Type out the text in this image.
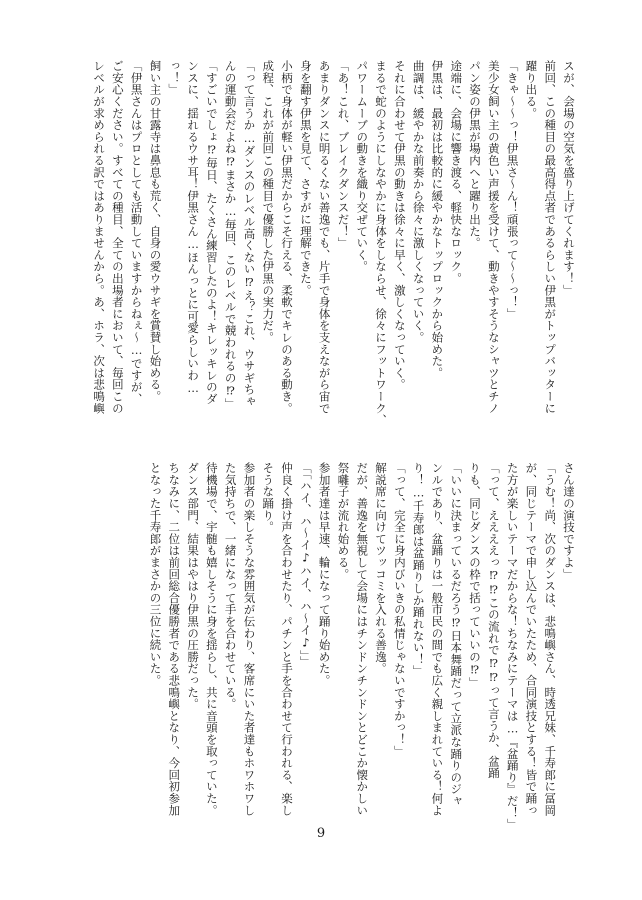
スが、会場の空気を盛り上げてくれます！」

前回、この種目の最高得点者であるらしい伊黒がトップバッターに

躍り出る。

「きゃ〜〜っ！伊黒さ〜ん！頑張って〜〜っ！」

美少女飼い主の黄色い声援を受けて、動きやすそうなシャツとチノ

パン姿の伊黒が場内へと躍り出た。

途端に、会場に響き渡る、軽快なロック。

伊黒は、最初は比較的に緩やかなトップロックから始めた。

曲調は、緩やかな前奏から徐々に激しくなっていく。

それに合わせて伊黒の動きは徐々に早く、激しくなっていく。

まるで蛇のようにしなやかに身体をしならせ、徐々にフットワーク、

パワームーブの動きを織り交ぜていく。

「あ！これ、ブレイクダンスだ！」

あまりダンスに明るくない善逸でも、片手で身体を支えながら宙で

身を翻す伊黒を見て、さすがに理解できた。

小柄で身体が軽い伊黒だからこそ行える、柔軟でキレのある動き。

成程、これが前回この種目で優勝した伊黒の実力だ。

「って言うか…ダンスのレベル高くない⁉︎え？これ、ウサギちゃ

んの運動会だよね⁉︎まさか…毎回、このレベルで競われるの⁉︎」

「すごいでしょ⁉︎毎日、たくさん練習したのよ！キレッキレのダ

ンスに、揺れるウサ耳！伊黒さん…ほんっとに可愛らしいわ…

っ！」

飼い主の甘露寺は鼻息も荒く、自身の愛ウサギを賞賛し始める。

「伊黒さんはプロとしても活動していますからねぇ〜…ですが、

ご安心ください。すべての種目、全ての出場者において、毎回この

レベルが求められる訳ではありませんから。あ、ホラ、次は悲鳴嶼

さん達の演技ですよ」

「うむ！尚、次のダンスは、悲鳴嶼さん、時透兄妹、千寿郎に冨岡

が、同じテーマで申し込んでいたため、合同演技とする！皆で踊っ

た方が楽しいテーマだからな！ちなみにテーマは…『盆踊り』だ！」

「って、ええええっ⁉︎⁉︎この流れで⁉︎⁉︎って言うか、盆踊

りも、同じダンスの枠で括っていいの⁉︎」

「いいに決まっているだろう⁉︎日本舞踊だって立派な踊りのジャ

ンルであり、盆踊りは一般市民の間でも広く親しまれている！何よ

り！…千寿郎は盆踊りしか踊れない！」

「って、完全に身内びいきの私情じゃないですかっ！」

解説席に向けてツッコミを入れる善逸。

だが、善逸を無視して会場にはチンドンチンドンとどこか懐かしい

祭囃子が流れ始める。

参加者達は早速、輪になって踊り始めた。

「「ハイ、ハ〜イ♪ハイ、ハ〜イ♪」」

仲良く掛け声を合わせたり、パチンと手を合わせて行われる、楽し

そうな踊り。

参加者の楽しそうな雰囲気が伝わり、客席にいた者達もホワホワし

た気持ちで、一緒になって手を合わせている。

待機場で、宇髄も嬉しそうに身を揺らし、共に音頭を取っていた。

ダンス部門、結果はやはり伊黒の圧勝だった。

ちなみに、二位は前回総合優勝者である悲鳴嶼となり、今回初参加

となった千寿郎がまさかの三位に続いた。

9
